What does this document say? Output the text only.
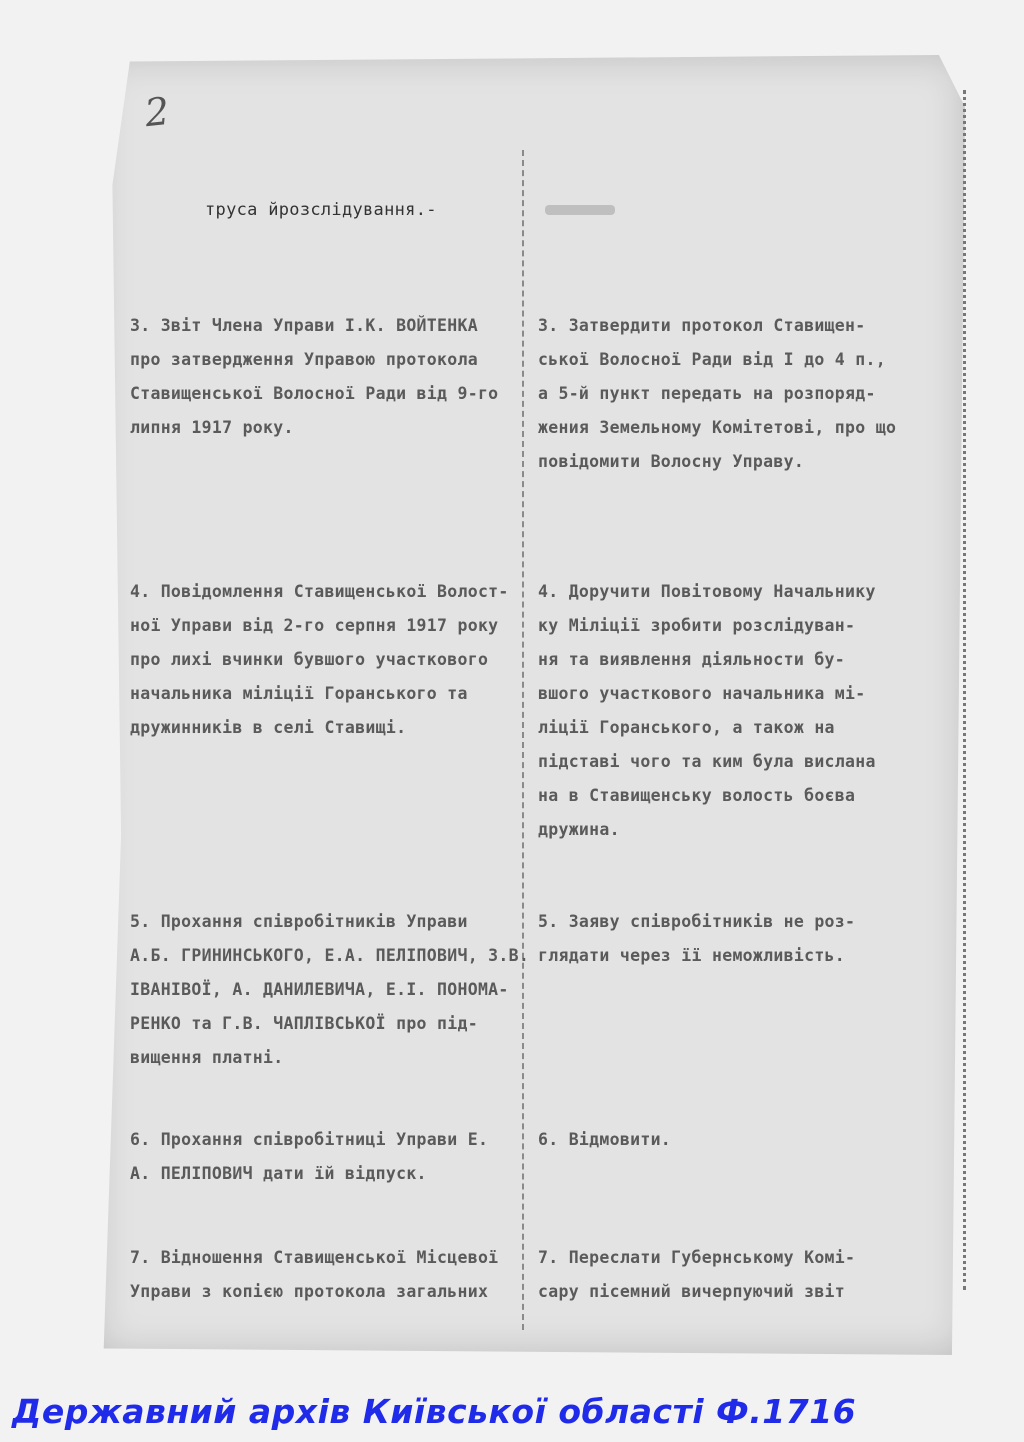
2
труса йрозслідування.-
3. Звіт Члена Управи І.К. ВОЙТЕНКА
про затвердження Управою протокола
Ставищенської Волосної Ради від 9-го
липня 1917 року.
3. Затвердити протокол Ставищен-
ської Волосної Ради від І до 4 п.,
а 5-й пункт передать на розпоряд-
жения Земельному Комітетові, про що
повідомити Волосну Управу.
4. Повідомлення Ставищенської Волост-
ної Управи від 2-го серпня 1917 року
про лихі вчинки бувшого участкового
начальника міліції Горанського та
дружинників в селі Ставищі.
4. Доручити Повітовому Начальнику
ку Міліції зробити розслідуван-
ня та виявлення діяльности бу-
вшого участкового начальника мі-
ліції Горанського, а також на
підставі чого та ким була вислана
на в Ставищенську волость боєва
дружина.
5. Прохання співробітників Управи
А.Б. ГРИНИНСЬКОГО, Е.А. ПЕЛІПОВИЧ, З.В.
ІВАНІВОЇ, А. ДАНИЛЕВИЧА, Е.І. ПОНОМА-
РЕНКО та Г.В. ЧАПЛІВСЬКОЇ про під-
вищення платні.
5. Заяву співробітників не роз-
глядати через її неможливість.
6. Прохання співробітниці Управи Е.
А. ПЕЛІПОВИЧ дати їй відпуск.
6. Відмовити.
7. Відношення Ставищенської Місцевої
Управи з копією протокола загальних
7. Переслати Губернському Комі-
сару пісемний вичерпуючий звіт
Державний архів Київської області Ф.1716
